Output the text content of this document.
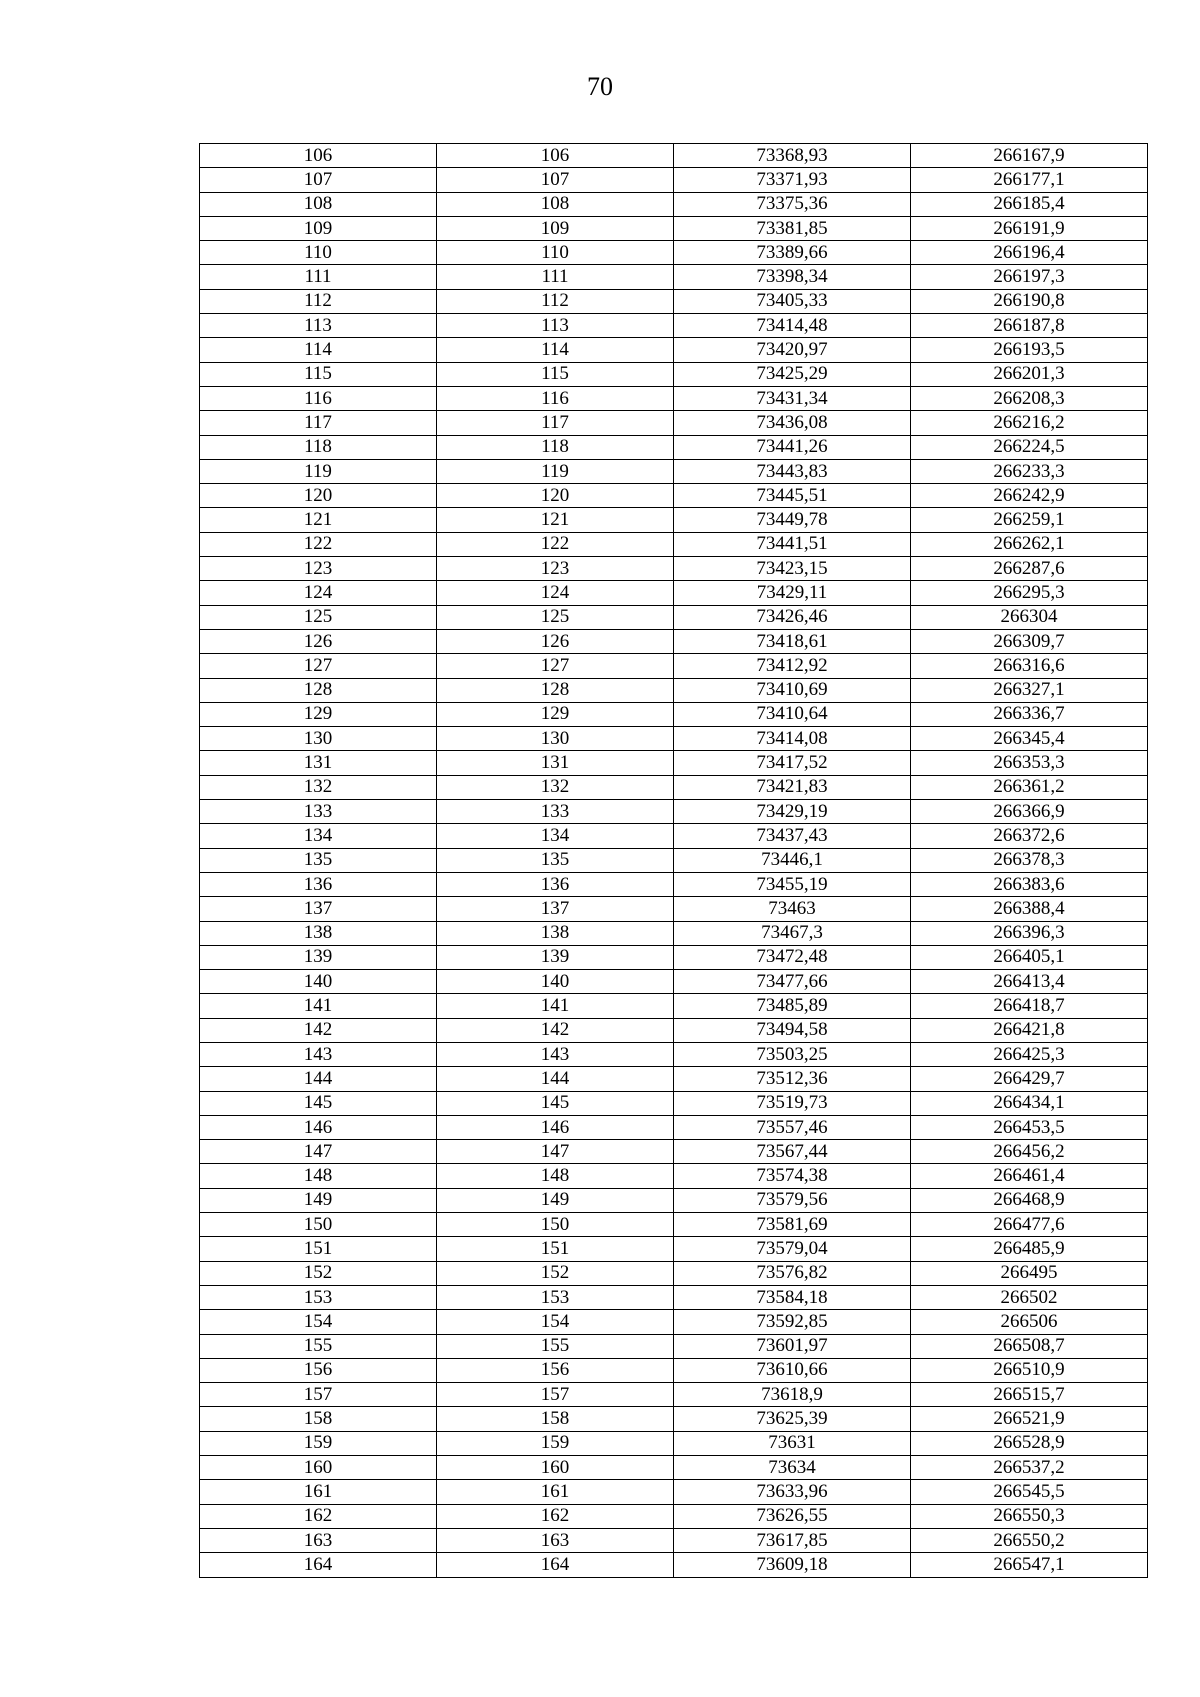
70
106	106	73368,93	266167,9
107	107	73371,93	266177,1
108	108	73375,36	266185,4
109	109	73381,85	266191,9
110	110	73389,66	266196,4
111	111	73398,34	266197,3
112	112	73405,33	266190,8
113	113	73414,48	266187,8
114	114	73420,97	266193,5
115	115	73425,29	266201,3
116	116	73431,34	266208,3
117	117	73436,08	266216,2
118	118	73441,26	266224,5
119	119	73443,83	266233,3
120	120	73445,51	266242,9
121	121	73449,78	266259,1
122	122	73441,51	266262,1
123	123	73423,15	266287,6
124	124	73429,11	266295,3
125	125	73426,46	266304
126	126	73418,61	266309,7
127	127	73412,92	266316,6
128	128	73410,69	266327,1
129	129	73410,64	266336,7
130	130	73414,08	266345,4
131	131	73417,52	266353,3
132	132	73421,83	266361,2
133	133	73429,19	266366,9
134	134	73437,43	266372,6
135	135	73446,1	266378,3
136	136	73455,19	266383,6
137	137	73463	266388,4
138	138	73467,3	266396,3
139	139	73472,48	266405,1
140	140	73477,66	266413,4
141	141	73485,89	266418,7
142	142	73494,58	266421,8
143	143	73503,25	266425,3
144	144	73512,36	266429,7
145	145	73519,73	266434,1
146	146	73557,46	266453,5
147	147	73567,44	266456,2
148	148	73574,38	266461,4
149	149	73579,56	266468,9
150	150	73581,69	266477,6
151	151	73579,04	266485,9
152	152	73576,82	266495
153	153	73584,18	266502
154	154	73592,85	266506
155	155	73601,97	266508,7
156	156	73610,66	266510,9
157	157	73618,9	266515,7
158	158	73625,39	266521,9
159	159	73631	266528,9
160	160	73634	266537,2
161	161	73633,96	266545,5
162	162	73626,55	266550,3
163	163	73617,85	266550,2
164	164	73609,18	266547,1
